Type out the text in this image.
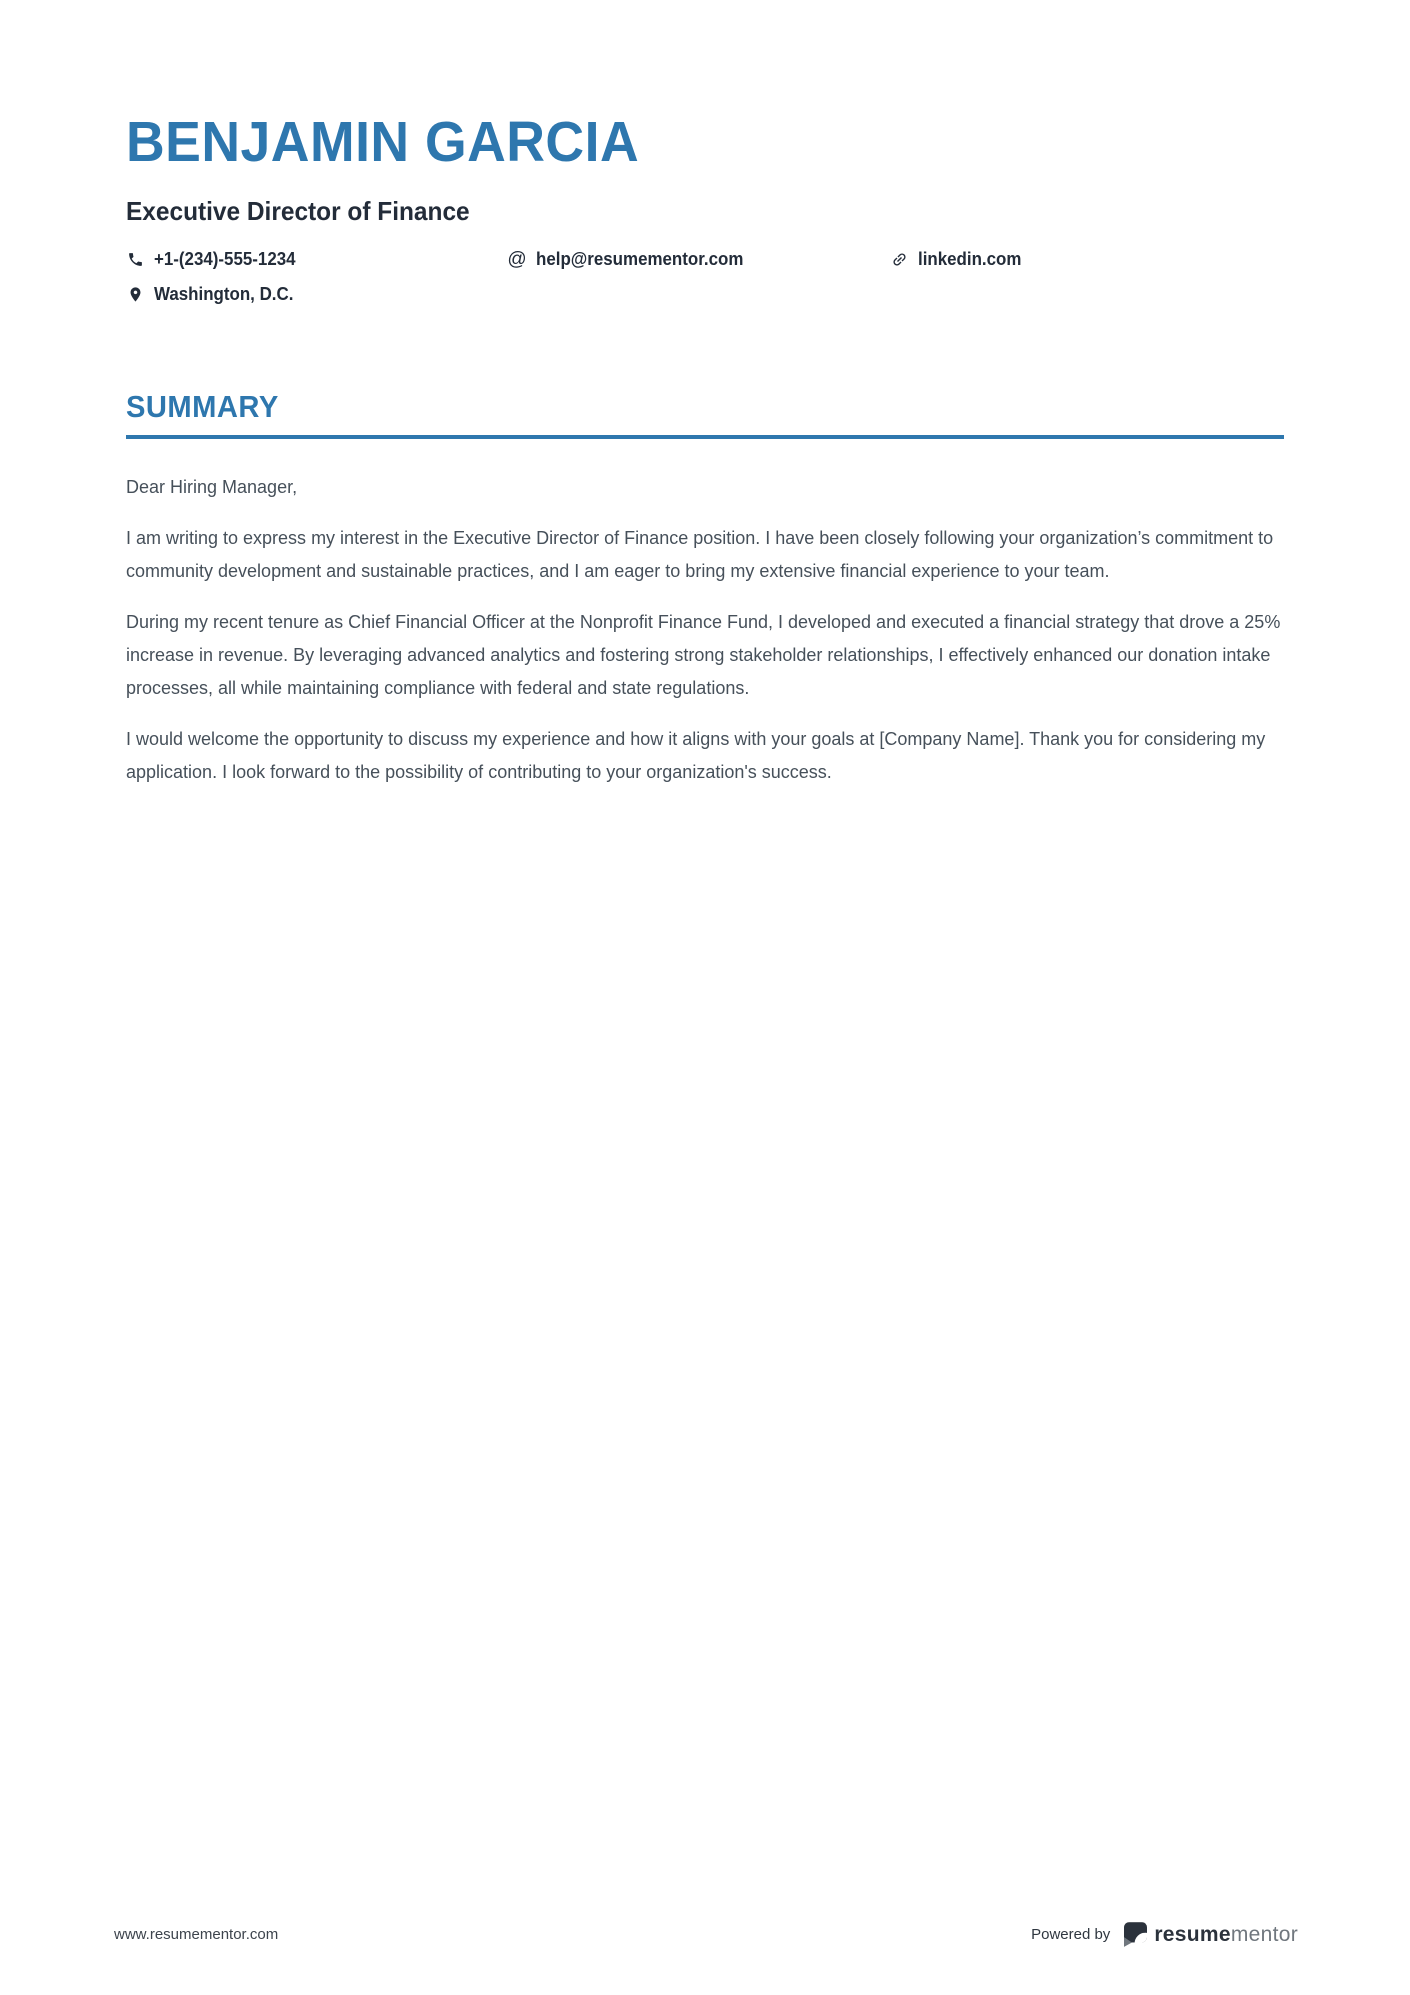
BENJAMIN GARCIA
Executive Director of Finance
+1-(234)-555-1234	@ help@resumementor.com	linkedin.com
Washington, D.C.
SUMMARY

Dear Hiring Manager,

I am writing to express my interest in the Executive Director of Finance position. I have been closely following your organization’s commitment to community development and sustainable practices, and I am eager to bring my extensive financial experience to your team.

During my recent tenure as Chief Financial Officer at the Nonprofit Finance Fund, I developed and executed a financial strategy that drove a 25% increase in revenue. By leveraging advanced analytics and fostering strong stakeholder relationships, I effectively enhanced our donation intake processes, all while maintaining compliance with federal and state regulations.

I would welcome the opportunity to discuss my experience and how it aligns with your goals at [Company Name]. Thank you for considering my application. I look forward to the possibility of contributing to your organization's success.

www.resumementor.com	Powered by resumementor
